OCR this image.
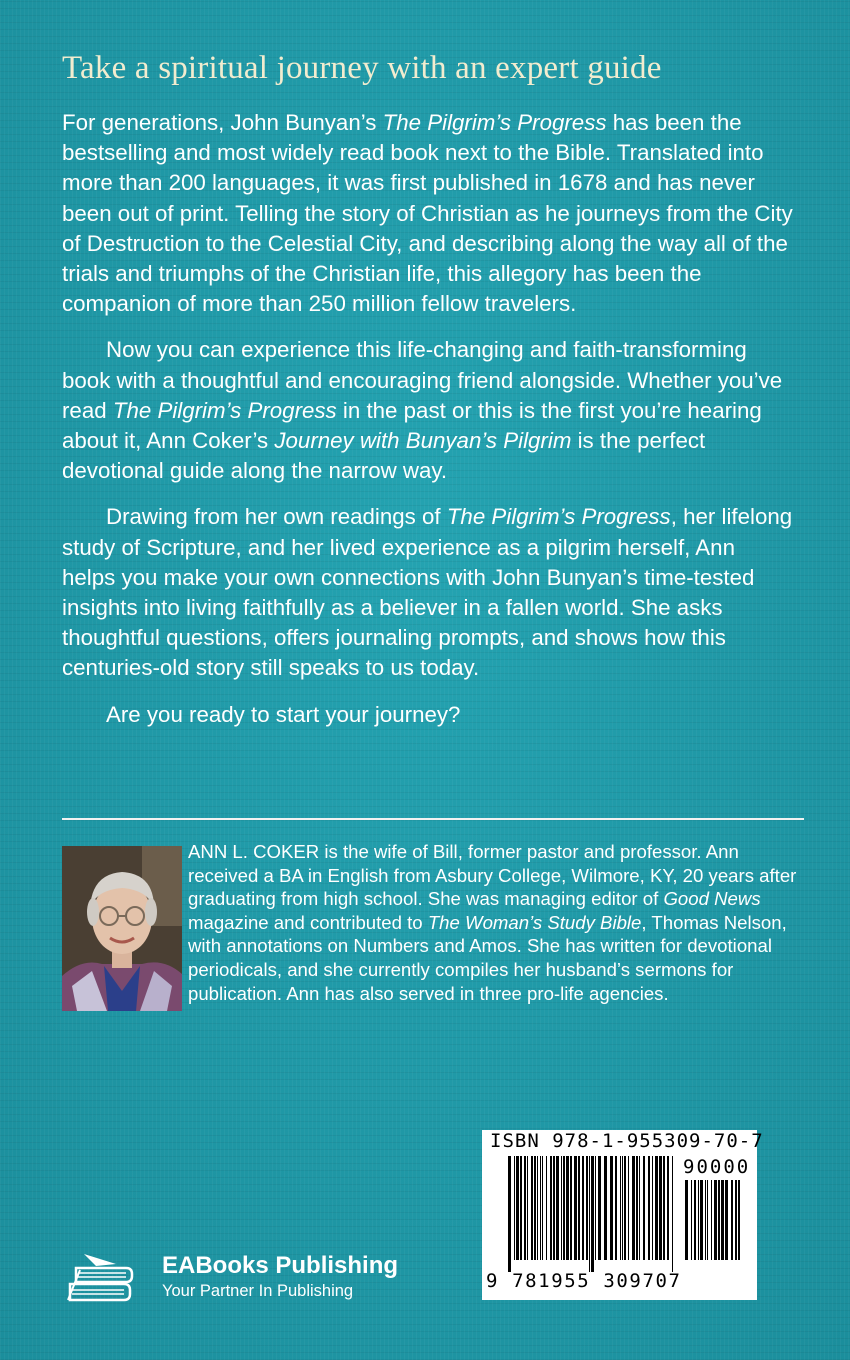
Take a spiritual journey with an expert guide

For generations, John Bunyan’s The Pilgrim’s Progress has been the bestselling and most widely read book next to the Bible. Translated into more than 200 languages, it was first published in 1678 and has never been out of print. Telling the story of Christian as he journeys from the City of Destruction to the Celestial City, and describing along the way all of the trials and triumphs of the Christian life, this allegory has been the companion of more than 250 million fellow travelers.

Now you can experience this life-changing and faith-transforming book with a thoughtful and encouraging friend alongside. Whether you’ve read The Pilgrim’s Progress in the past or this is the first you’re hearing about it, Ann Coker’s Journey with Bunyan’s Pilgrim is the perfect devotional guide along the narrow way.

Drawing from her own readings of The Pilgrim’s Progress, her lifelong study of Scripture, and her lived experience as a pilgrim herself, Ann helps you make your own connections with John Bunyan’s time-tested insights into living faithfully as a believer in a fallen world. She asks thoughtful questions, offers journaling prompts, and shows how this centuries-old story still speaks to us today.

Are you ready to start your journey?

ANN L. COKER is the wife of Bill, former pastor and professor. Ann received a BA in English from Asbury College, Wilmore, KY, 20 years after graduating from high school. She was managing editor of Good News magazine and contributed to The Woman’s Study Bible, Thomas Nelson, with annotations on Numbers and Amos. She has written for devotional periodicals, and she currently compiles her husband’s sermons for publication. Ann has also served in three pro-life agencies.
ISBN 978-1-955309-70-7
90000
9 781955 309707
EABooks Publishing
Your Partner In Publishing
